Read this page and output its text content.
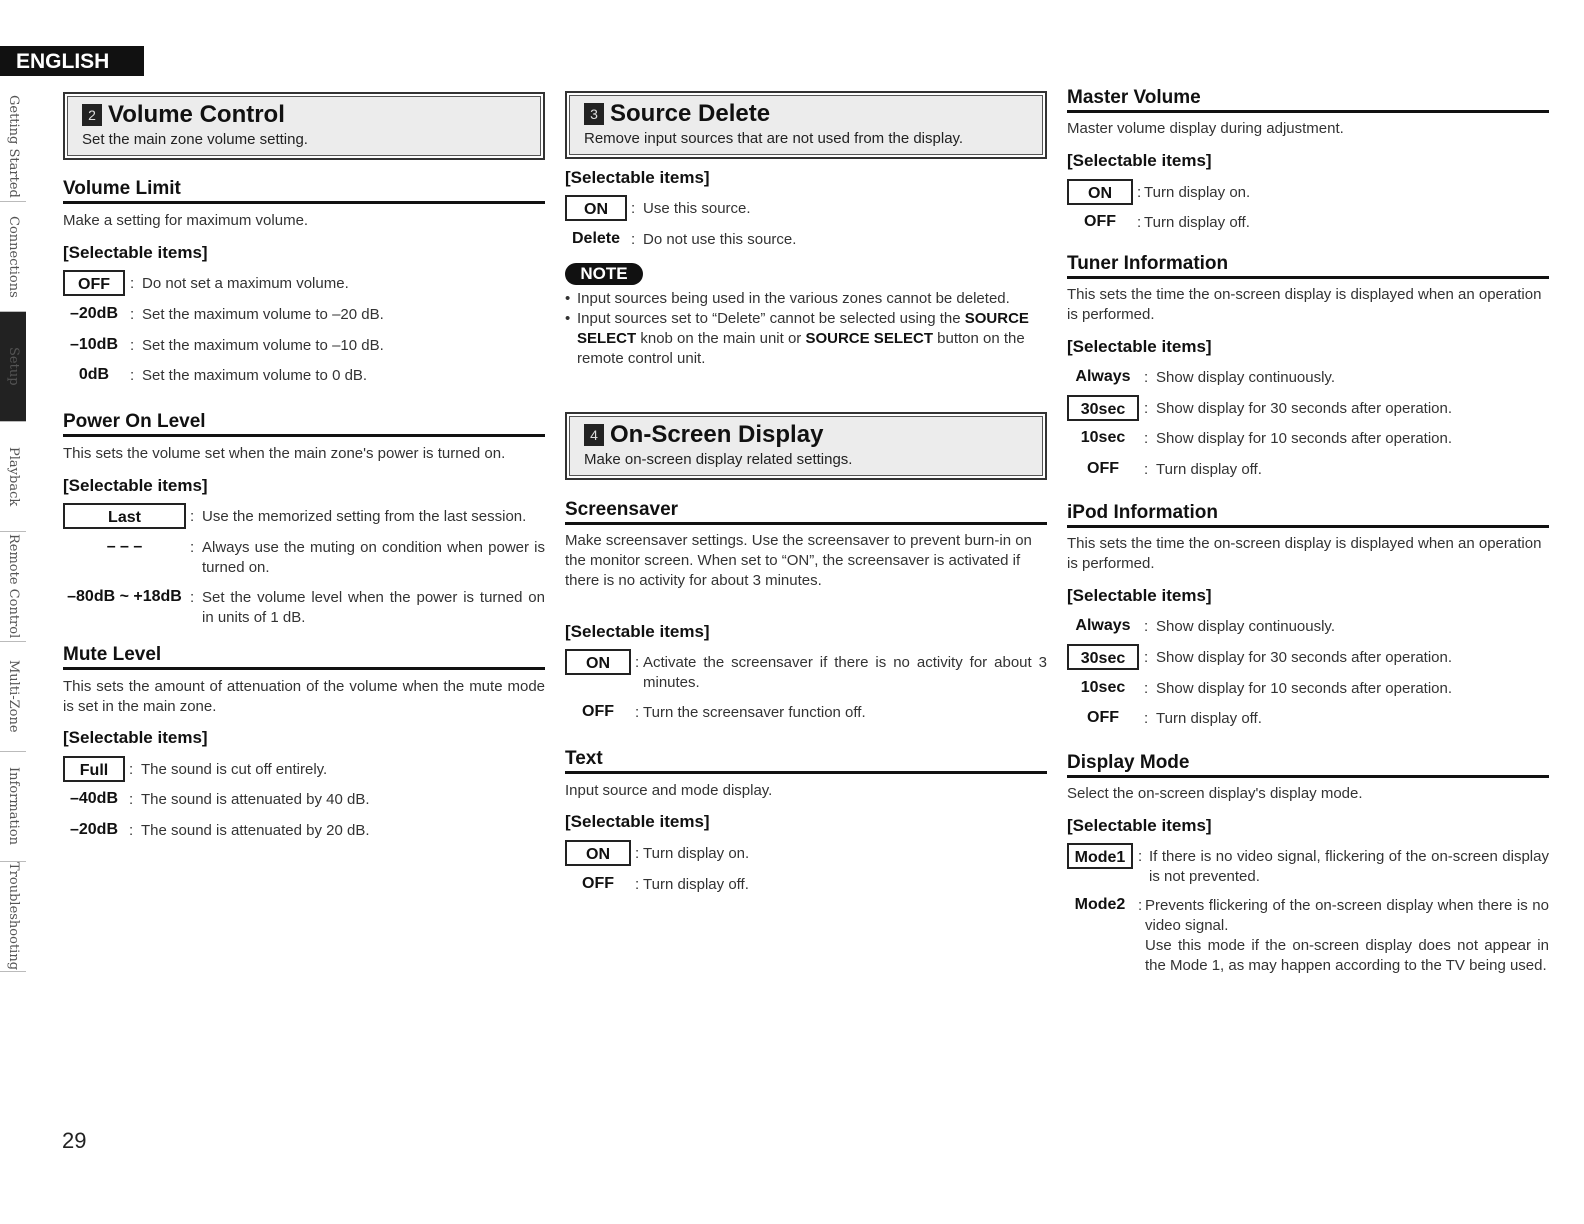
ENGLISH
Getting Started
Connections
Setup
Playback
Remote Control
Multi-Zone
Information
Troubleshooting
2 Volume Control
Set the main zone volume setting.
Volume Limit
Make a setting for maximum volume.
[Selectable items]
OFF	: Do not set a maximum volume.
–20dB : Set the maximum volume to –20 dB.
–10dB : Set the maximum volume to –10 dB.
0dB	: Set the maximum volume to 0 dB.
Power On Level
This sets the volume set when the main zone's power is turned on.
[Selectable items]
Last	: Use the memorized setting from the last session.
– – –	: Always use the muting on condition when power is turned on.
–80dB ~ +18dB : Set the volume level when the power is turned on in units of 1 dB.
Mute Level
This sets the amount of attenuation of the volume when the mute mode is set in the main zone.
[Selectable items]
Full	: The sound is cut off entirely.
–40dB : The sound is attenuated by 40 dB.
–20dB : The sound is attenuated by 20 dB.
3 Source Delete
Remove input sources that are not used from the display.
[Selectable items]
ON	: Use this source.
Delete : Do not use this source.
NOTE
• Input sources being used in the various zones cannot be deleted.
• Input sources set to “Delete” cannot be selected using the SOURCE SELECT knob on the main unit or SOURCE SELECT button on the remote control unit.
4 On-Screen Display
Make on-screen display related settings.
Screensaver
Make screensaver settings. Use the screensaver to prevent burn-in on the monitor screen. When set to “ON”, the screensaver is activated if there is no activity for about 3 minutes.
[Selectable items]
ON	: Activate the screensaver if there is no activity for about 3 minutes.
OFF	: Turn the screensaver function off.
Text
Input source and mode display.
[Selectable items]
ON	: Turn display on.
OFF	: Turn display off.
Master Volume
Master volume display during adjustment.
[Selectable items]
ON	: Turn display on.
OFF	: Turn display off.
Tuner Information
This sets the time the on-screen display is displayed when an operation is performed.
[Selectable items]
Always : Show display continuously.
30sec	: Show display for 30 seconds after operation.
10sec	: Show display for 10 seconds after operation.
OFF	: Turn display off.
iPod Information
This sets the time the on-screen display is displayed when an operation is performed.
[Selectable items]
Always : Show display continuously.
30sec	: Show display for 30 seconds after operation.
10sec	: Show display for 10 seconds after operation.
OFF	: Turn display off.
Display Mode
Select the on-screen display's display mode.
[Selectable items]
Mode1 : If there is no video signal, flickering of the on-screen display is not prevented.
Mode2 : Prevents flickering of the on-screen display when there is no video signal.
Use this mode if the on-screen display does not appear in the Mode 1, as may happen according to the TV being used.
29
